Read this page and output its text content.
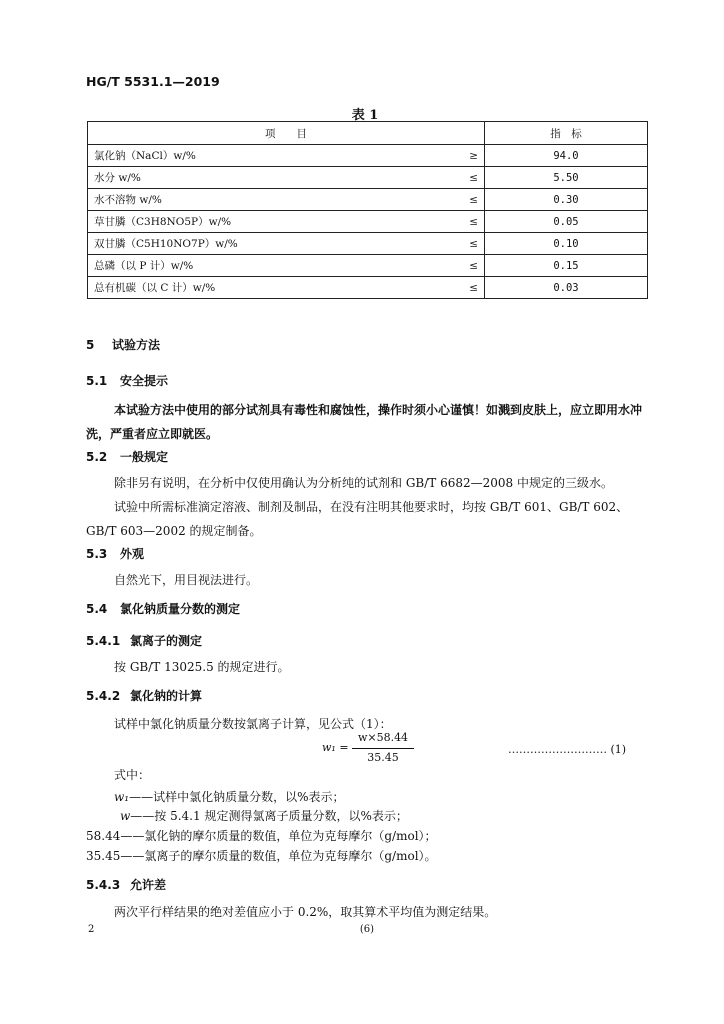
HG/T 5531.1—2019
表 1
项　　目		指　标
氯化钠（NaCl）w/%	≥	94.0
水分 w/%	≤	5.50
水不溶物 w/%	≤	0.30
草甘膦（C3H8NO5P）w/%	≤	0.05
双甘膦（C5H10NO7P）w/%	≤	0.10
总磷（以 P 计）w/%	≤	0.15
总有机碳（以 C 计）w/%	≤	0.03
5 试验方法
5.1 安全提示
本试验方法中使用的部分试剂具有毒性和腐蚀性，操作时须小心谨慎！如溅到皮肤上，应立即用水冲洗，严重者应立即就医。
5.2 一般规定
除非另有说明，在分析中仅使用确认为分析纯的试剂和 GB/T 6682—2008 中规定的三级水。
试验中所需标准滴定溶液、制剂及制品，在没有注明其他要求时，均按 GB/T 601、GB/T 602、
GB/T 603—2002 的规定制备。
5.3 外观
自然光下，用目视法进行。
5.4 氯化钠质量分数的测定
5.4.1 氯离子的测定
按 GB/T 13025.5 的规定进行。
5.4.2 氯化钠的计算
试样中氯化钠质量分数按氯离子计算，见公式（1）：
w₁ =
w×58.44
35.45
……………………… (1)
式中：
w₁——试样中氯化钠质量分数，以%表示；
w——按 5.4.1 规定测得氯离子质量分数，以%表示；
58.44——氯化钠的摩尔质量的数值，单位为克每摩尔（g/mol）；
35.45——氯离子的摩尔质量的数值，单位为克每摩尔（g/mol）。
5.4.3 允许差
两次平行样结果的绝对差值应小于 0.2%，取其算术平均值为测定结果。
2	(6)
